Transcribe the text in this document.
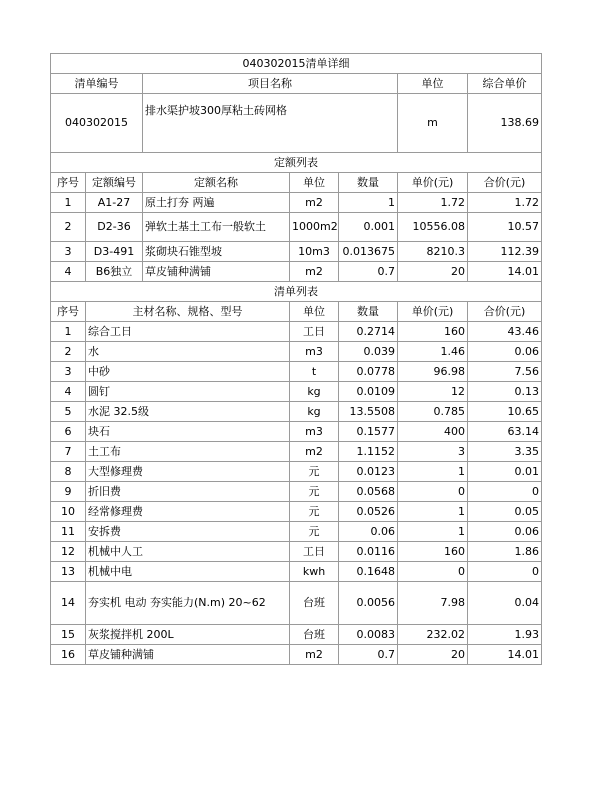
040302015清单详细						
清单编号		项目名称			单位	综合单价
040302015		排水渠护坡300厚粘土砖网格			m	138.69
定额列表						
序号	定额编号	定额名称	单位	数量	单价(元)	合价(元)
1	A1-27	原土打夯 两遍	m2	1	1.72	1.72
2	D2-36	弹软土基土工布一般软土	1000m2	0.001	10556.08	10.57
3	D3-491	浆砌块石锥型坡	10m3	0.013675	8210.3	112.39
4	B6独立	草皮铺种满铺	m2	0.7	20	14.01
清单列表						
序号	主材名称、规格、型号		单位	数量	单价(元)	合价(元)
1	综合工日		工日	0.2714	160	43.46
2	水		m3	0.039	1.46	0.06
3	中砂		t	0.0778	96.98	7.56
4	圆钉		kg	0.0109	12	0.13
5	水泥 32.5级		kg	13.5508	0.785	10.65
6	块石		m3	0.1577	400	63.14
7	土工布		m2	1.1152	3	3.35
8	大型修理费		元	0.0123	1	0.01
9	折旧费		元	0.0568	0	0
10	经常修理费		元	0.0526	1	0.05
11	安拆费		元	0.06	1	0.06
12	机械中人工		工日	0.0116	160	1.86
13	机械中电		kwh	0.1648	0	0
14	夯实机 电动 夯实能力(N.m) 20~62		台班	0.0056	7.98	0.04
15	灰浆搅拌机 200L		台班	0.0083	232.02	1.93
16	草皮铺种满铺		m2	0.7	20	14.01
